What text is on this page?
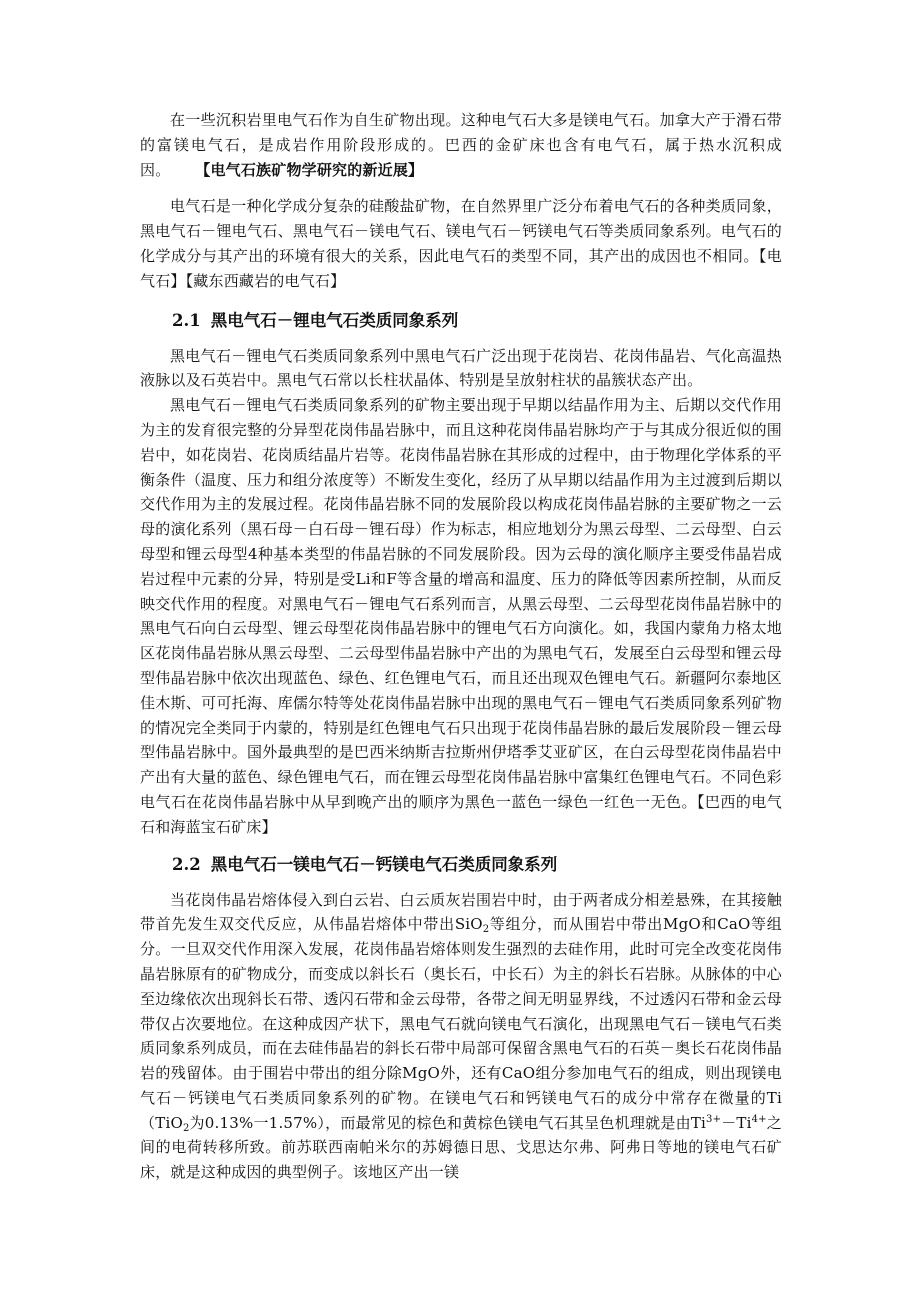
在一些沉积岩里电气石作为自生矿物出现。这种电气石大多是镁电气石。加拿大产于滑石带的富镁电气石，是成岩作用阶段形成的。巴西的金矿床也含有电气石，属于热水沉积成因。 【电气石族矿物学研究的新近展】

电气石是一种化学成分复杂的硅酸盐矿物，在自然界里广泛分布着电气石的各种类质同象，黑电气石－锂电气石、黑电气石－镁电气石、镁电气石－钙镁电气石等类质同象系列。电气石的化学成分与其产出的环境有很大的关系，因此电气石的类型不同，其产出的成因也不相同。【电气石】【藏东西藏岩的电气石】

2.1 黑电气石－锂电气石类质同象系列

黑电气石－锂电气石类质同象系列中黑电气石广泛出现于花岗岩、花岗伟晶岩、气化高温热液脉以及石英岩中。黑电气石常以长柱状晶体、特别是呈放射柱状的晶簇状态产出。

黑电气石－锂电气石类质同象系列的矿物主要出现于早期以结晶作用为主、后期以交代作用为主的发育很完整的分异型花岗伟晶岩脉中，而且这种花岗伟晶岩脉均产于与其成分很近似的围岩中，如花岗岩、花岗质结晶片岩等。花岗伟晶岩脉在其形成的过程中，由于物理化学体系的平衡条件（温度、压力和组分浓度等）不断发生变化，经历了从早期以结晶作用为主过渡到后期以交代作用为主的发展过程。花岗伟晶岩脉不同的发展阶段以构成花岗伟晶岩脉的主要矿物之一云母的演化系列（黑石母－白石母－锂石母）作为标志，相应地划分为黑云母型、二云母型、白云母型和锂云母型4种基本类型的伟晶岩脉的不同发展阶段。因为云母的演化顺序主要受伟晶岩成岩过程中元素的分异，特别是受Li和F等含量的增高和温度、压力的降低等因素所控制，从而反映交代作用的程度。对黑电气石－锂电气石系列而言，从黑云母型、二云母型花岗伟晶岩脉中的黑电气石向白云母型、锂云母型花岗伟晶岩脉中的锂电气石方向演化。如，我国内蒙角力格太地区花岗伟晶岩脉从黑云母型、二云母型伟晶岩脉中产出的为黑电气石，发展至白云母型和锂云母型伟晶岩脉中依次出现蓝色、绿色、红色锂电气石，而且还出现双色锂电气石。新疆阿尔泰地区佳木斯、可可托海、库儒尔特等处花岗伟晶岩脉中出现的黑电气石－锂电气石类质同象系列矿物的情况完全类同于内蒙的，特别是红色锂电气石只出现于花岗伟晶岩脉的最后发展阶段－锂云母型伟晶岩脉中。国外最典型的是巴西米纳斯吉拉斯州伊塔季艾亚矿区，在白云母型花岗伟晶岩中产出有大量的蓝色、绿色锂电气石，而在锂云母型花岗伟晶岩脉中富集红色锂电气石。不同色彩电气石在花岗伟晶岩脉中从早到晚产出的顺序为黑色一蓝色一绿色一红色一无色。【巴西的电气石和海蓝宝石矿床】

2.2 黑电气石一镁电气石－钙镁电气石类质同象系列

当花岗伟晶岩熔体侵入到白云岩、白云质灰岩围岩中时，由于两者成分相差悬殊，在其接触带首先发生双交代反应，从伟晶岩熔体中带出SiO$_2$等组分，而从围岩中带出MgO和CaO等组分。一旦双交代作用深入发展，花岗伟晶岩熔体则发生强烈的去硅作用，此时可完全改变花岗伟晶岩脉原有的矿物成分，而变成以斜长石（奥长石，中长石）为主的斜长石岩脉。从脉体的中心至边缘依次出现斜长石带、透闪石带和金云母带，各带之间无明显界线，不过透闪石带和金云母带仅占次要地位。在这种成因产状下，黑电气石就向镁电气石演化，出现黑电气石－镁电气石类质同象系列成员，而在去硅伟晶岩的斜长石带中局部可保留含黑电气石的石英－奥长石花岗伟晶岩的残留体。由于围岩中带出的组分除MgO外，还有CaO组分参加电气石的组成，则出现镁电气石－钙镁电气石类质同象系列的矿物。在镁电气石和钙镁电气石的成分中常存在微量的Ti（TiO$_2$为0.13%一1.57%），而最常见的棕色和黄棕色镁电气石其呈色机理就是由$Ti^{3+}-Ti^{4+}$之间的电荷转移所致。前苏联西南帕米尔的苏姆德日思、戈思达尔弗、阿弗日等地的镁电气石矿床，就是这种成因的典型例子。该地区产出一镁
